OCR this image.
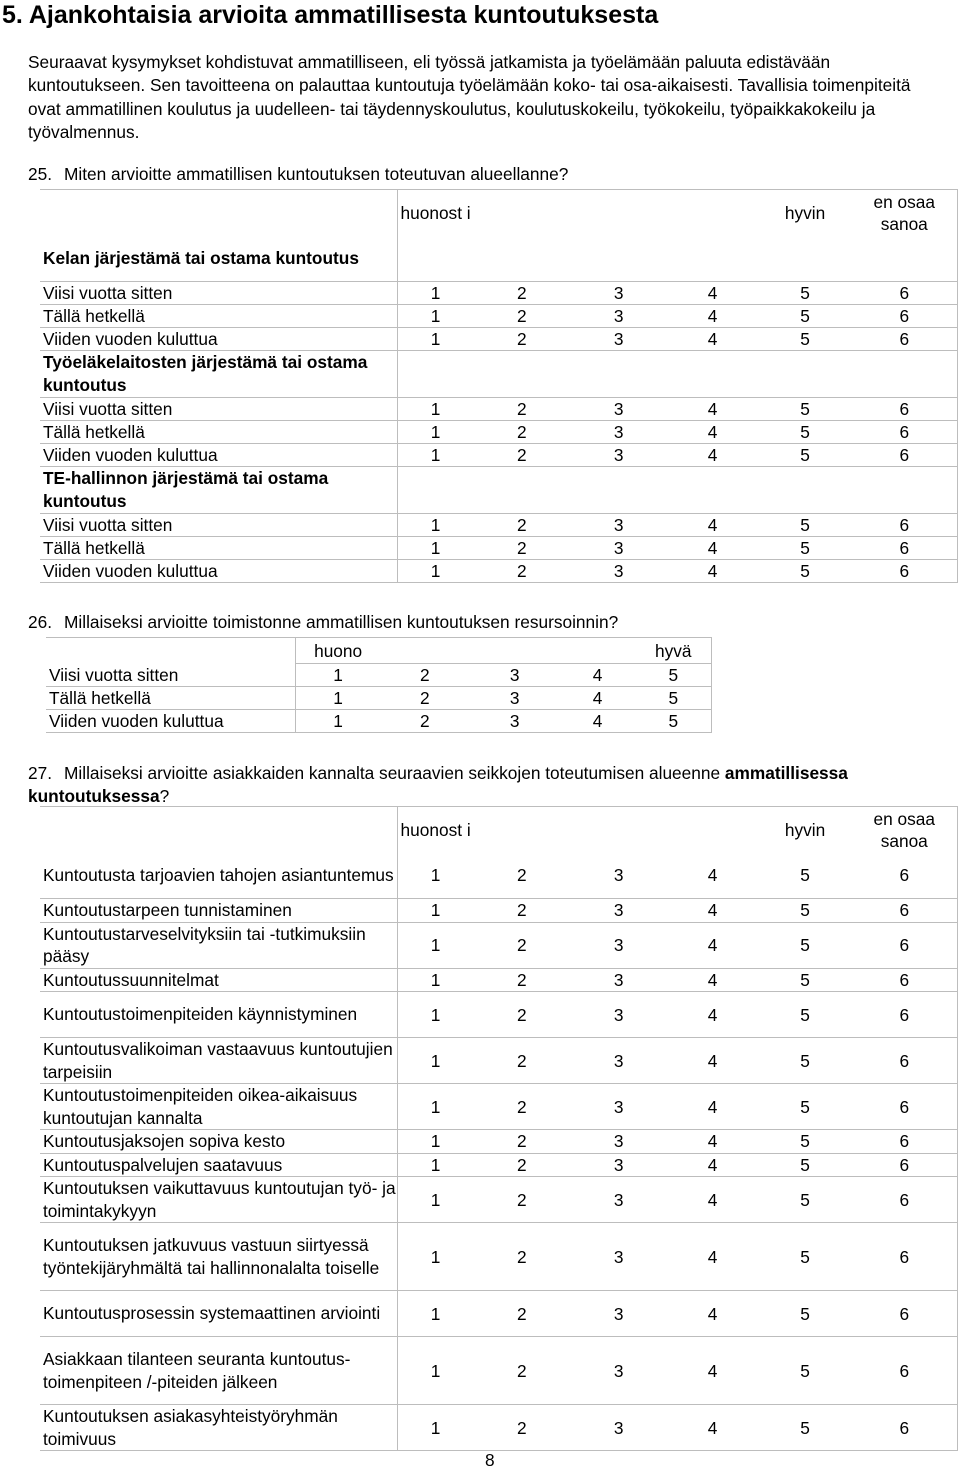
5. Ajankohtaisia arvioita ammatillisesta kuntoutuksesta
Seuraavat kysymykset kohdistuvat ammatilliseen, eli työssä jatkamista ja työelämään paluuta edistävään kuntoutukseen. Sen tavoitteena on palauttaa kuntoutuja työelämään koko- tai osa-aikaisesti. Tavallisia toimenpiteitä ovat ammatillinen koulutus ja uudelleen- tai täydennyskoulutus, koulutuskokeilu, työkokeilu, työpaikkakokeilu ja työvalmennus.
25. Miten arvioitte ammatillisen kuntoutuksen toteutuvan alueellanne?
	huonost i				hyvin	en osaa sanoa
Kelan järjestämä tai ostama kuntoutus						
Viisi vuotta sitten	1	2	3	4	5	6
Tällä hetkellä	1	2	3	4	5	6
Viiden vuoden kuluttua	1	2	3	4	5	6
Työeläkelaitosten järjestämä tai ostama kuntoutus						
Viisi vuotta sitten	1	2	3	4	5	6
Tällä hetkellä	1	2	3	4	5	6
Viiden vuoden kuluttua	1	2	3	4	5	6
TE-hallinnon järjestämä tai ostama kuntoutus						
Viisi vuotta sitten	1	2	3	4	5	6
Tällä hetkellä	1	2	3	4	5	6
Viiden vuoden kuluttua	1	2	3	4	5	6
26. Millaiseksi arvioitte toimistonne ammatillisen kuntoutuksen resursoinnin?
	huono				hyvä
Viisi vuotta sitten	1	2	3	4	5
Tällä hetkellä	1	2	3	4	5
Viiden vuoden kuluttua	1	2	3	4	5
27. Millaiseksi arvioitte asiakkaiden kannalta seuraavien seikkojen toteutumisen alueenne ammatillisessa kuntoutuksessa?
	huonost i				hyvin	en osaa sanoa
Kuntoutusta tarjoavien tahojen asiantuntemus	1	2	3	4	5	6
Kuntoutustarpeen tunnistaminen	1	2	3	4	5	6
Kuntoutustarveselvityksiin tai -tutkimuksiin pääsy	1	2	3	4	5	6
Kuntoutussuunnitelmat	1	2	3	4	5	6
Kuntoutustoimenpiteiden käynnistyminen	1	2	3	4	5	6
Kuntoutusvalikoiman vastaavuus kuntoutujien tarpeisiin	1	2	3	4	5	6
Kuntoutustoimenpiteiden oikea-aikaisuus kuntoutujan kannalta	1	2	3	4	5	6
Kuntoutusjaksojen sopiva kesto	1	2	3	4	5	6
Kuntoutuspalvelujen saatavuus	1	2	3	4	5	6
Kuntoutuksen vaikuttavuus kuntoutujan työ- ja toimintakykyyn	1	2	3	4	5	6
Kuntoutuksen jatkuvuus vastuun siirtyessä työntekijäryhmältä tai hallinnonalalta toiselle	1	2	3	4	5	6
Kuntoutusprosessin systemaattinen arviointi	1	2	3	4	5	6
Asiakkaan tilanteen seuranta kuntoutus-toimenpiteen /-piteiden jälkeen	1	2	3	4	5	6
Kuntoutuksen asiakasyhteistyöryhmän toimivuus	1	2	3	4	5	6
8
